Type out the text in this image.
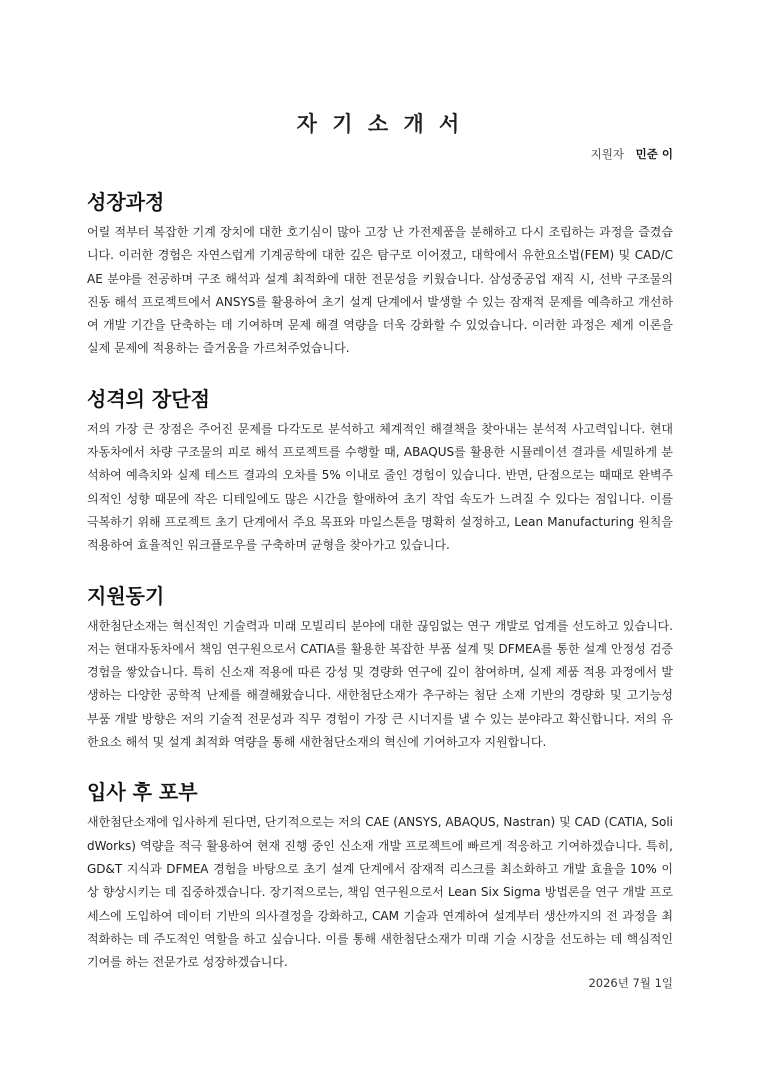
자 기 소 개 서
지원자 민준 이
성장과정

어릴 적부터 복잡한 기계 장치에 대한 호기심이 많아 고장 난 가전제품을 분해하고 다시 조립하는 과정을 즐겼습니다. 이러한 경험은 자연스럽게 기계공학에 대한 깊은 탐구로 이어졌고, 대학에서 유한요소법(FEM) 및 CAD/CAE 분야를 전공하며 구조 해석과 설계 최적화에 대한 전문성을 키웠습니다. 삼성중공업 재직 시, 선박 구조물의 진동 해석 프로젝트에서 ANSYS를 활용하여 초기 설계 단계에서 발생할 수 있는 잠재적 문제를 예측하고 개선하여 개발 기간을 단축하는 데 기여하며 문제 해결 역량을 더욱 강화할 수 있었습니다. 이러한 과정은 제게 이론을 실제 문제에 적용하는 즐거움을 가르쳐주었습니다.

성격의 장단점

저의 가장 큰 장점은 주어진 문제를 다각도로 분석하고 체계적인 해결책을 찾아내는 분석적 사고력입니다. 현대자동차에서 차량 구조물의 피로 해석 프로젝트를 수행할 때, ABAQUS를 활용한 시뮬레이션 결과를 세밀하게 분석하여 예측치와 실제 테스트 결과의 오차를 5% 이내로 줄인 경험이 있습니다. 반면, 단점으로는 때때로 완벽주의적인 성향 때문에 작은 디테일에도 많은 시간을 할애하여 초기 작업 속도가 느려질 수 있다는 점입니다. 이를 극복하기 위해 프로젝트 초기 단계에서 주요 목표와 마일스톤을 명확히 설정하고, Lean Manufacturing 원칙을 적용하여 효율적인 워크플로우를 구축하며 균형을 찾아가고 있습니다.

지원동기

새한첨단소재는 혁신적인 기술력과 미래 모빌리티 분야에 대한 끊임없는 연구 개발로 업계를 선도하고 있습니다. 저는 현대자동차에서 책임 연구원으로서 CATIA를 활용한 복잡한 부품 설계 및 DFMEA를 통한 설계 안정성 검증 경험을 쌓았습니다. 특히 신소재 적용에 따른 강성 및 경량화 연구에 깊이 참여하며, 실제 제품 적용 과정에서 발생하는 다양한 공학적 난제를 해결해왔습니다. 새한첨단소재가 추구하는 첨단 소재 기반의 경량화 및 고기능성 부품 개발 방향은 저의 기술적 전문성과 직무 경험이 가장 큰 시너지를 낼 수 있는 분야라고 확신합니다. 저의 유한요소 해석 및 설계 최적화 역량을 통해 새한첨단소재의 혁신에 기여하고자 지원합니다.

입사 후 포부

새한첨단소재에 입사하게 된다면, 단기적으로는 저의 CAE (ANSYS, ABAQUS, Nastran) 및 CAD (CATIA, SolidWorks) 역량을 적극 활용하여 현재 진행 중인 신소재 개발 프로젝트에 빠르게 적응하고 기여하겠습니다. 특히, GD&T 지식과 DFMEA 경험을 바탕으로 초기 설계 단계에서 잠재적 리스크를 최소화하고 개발 효율을 10% 이상 향상시키는 데 집중하겠습니다. 장기적으로는, 책임 연구원으로서 Lean Six Sigma 방법론을 연구 개발 프로세스에 도입하여 데이터 기반의 의사결정을 강화하고, CAM 기술과 연계하여 설계부터 생산까지의 전 과정을 최적화하는 데 주도적인 역할을 하고 싶습니다. 이를 통해 새한첨단소재가 미래 기술 시장을 선도하는 데 핵심적인 기여를 하는 전문가로 성장하겠습니다.

2026년 7월 1일
